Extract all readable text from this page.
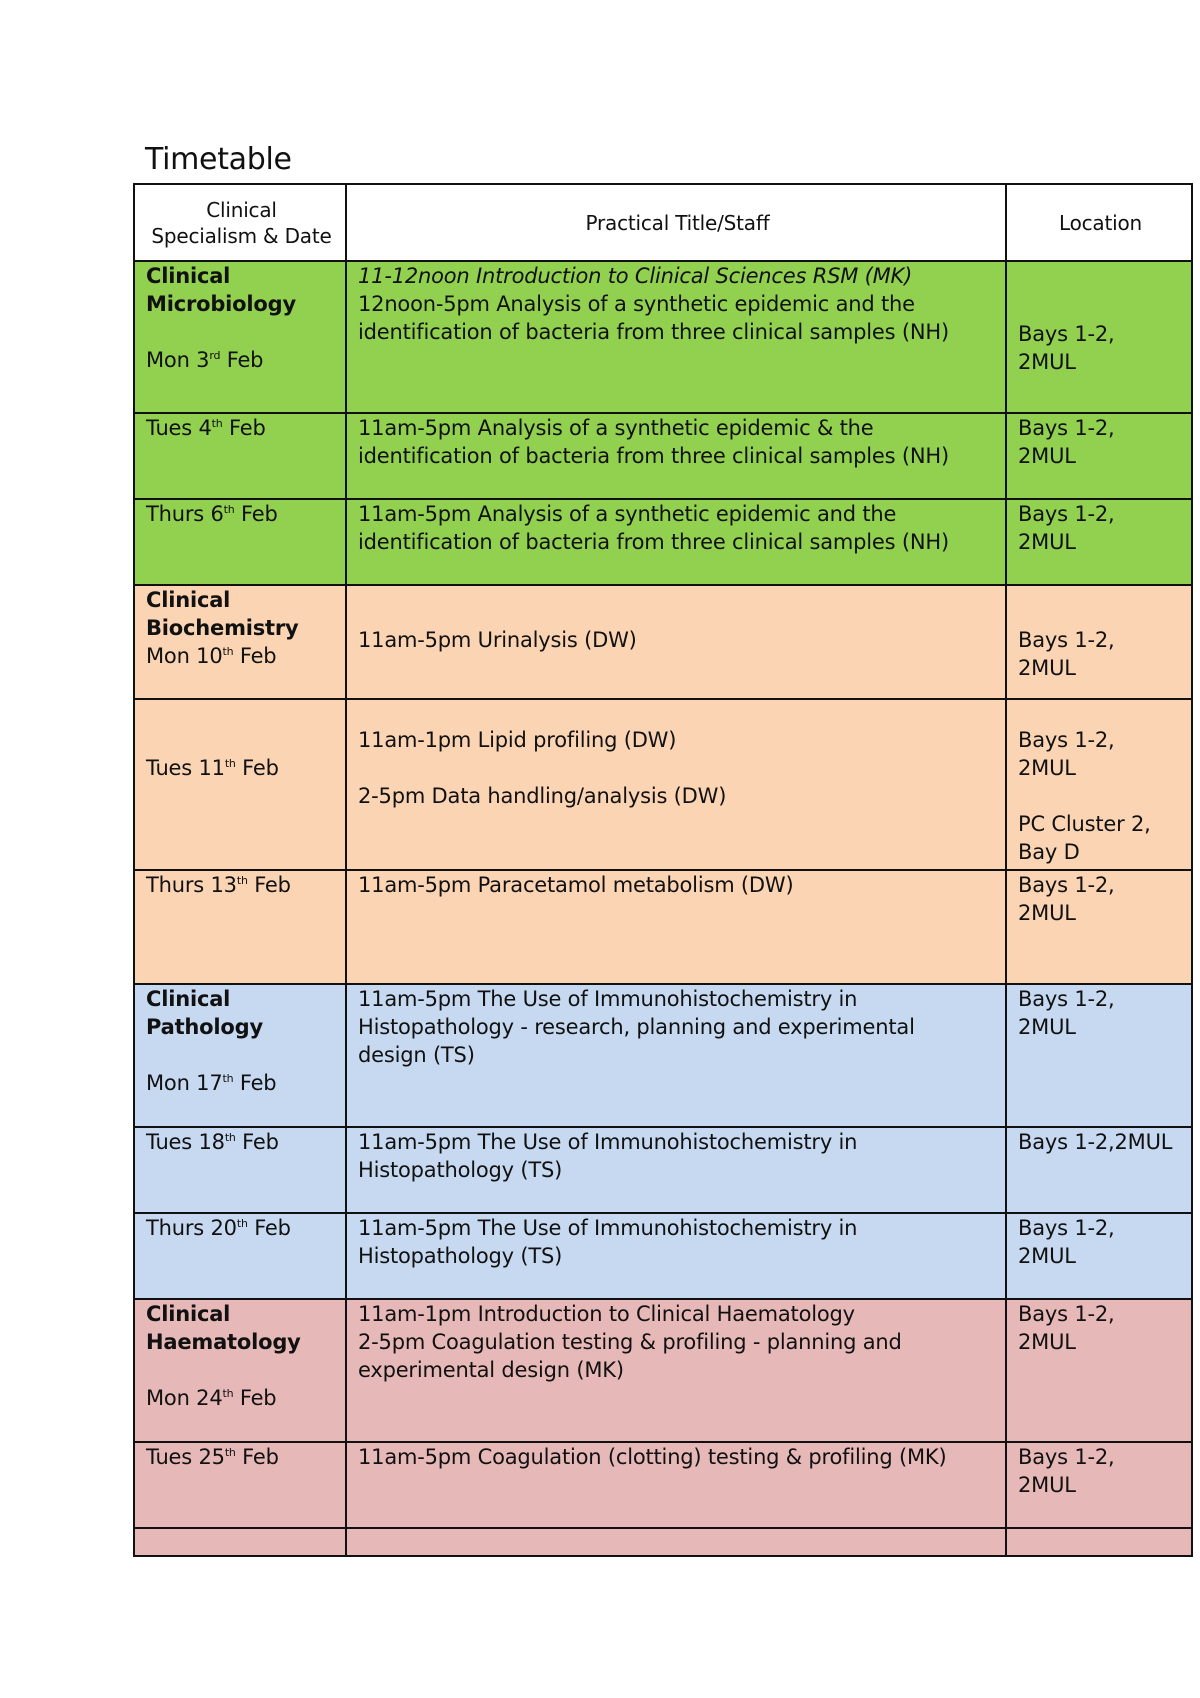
Timetable
Clinical
Specialism & Date	Practical Title/Staff	Location

Clinical
Microbiology
Mon 3rd Feb	11-12noon Introduction to Clinical Sciences RSM (MK)
12noon-5pm Analysis of a synthetic epidemic and the
identification of bacteria from three clinical samples (NH)	Bays 1-2,
2MUL

Tues 4th Feb	11am-5pm Analysis of a synthetic epidemic & the
identification of bacteria from three clinical samples (NH)	Bays 1-2,
2MUL

Thurs 6th Feb	11am-5pm Analysis of a synthetic epidemic and the
identification of bacteria from three clinical samples (NH)	Bays 1-2,
2MUL

Clinical
Biochemistry
Mon 10th Feb	11am-5pm Urinalysis (DW)	Bays 1-2,
2MUL

Tues 11th Feb	11am-1pm Lipid profiling (DW)
2-5pm Data handling/analysis (DW)	Bays 1-2,
2MUL
PC Cluster 2,
Bay D

Thurs 13th Feb	11am-5pm Paracetamol metabolism (DW)	Bays 1-2,
2MUL

Clinical
Pathology
Mon 17th Feb	11am-5pm The Use of Immunohistochemistry in
Histopathology - research, planning and experimental
design (TS)	Bays 1-2,
2MUL

Tues 18th Feb	11am-5pm The Use of Immunohistochemistry in
Histopathology (TS)	Bays 1-2,2MUL

Thurs 20th Feb	11am-5pm The Use of Immunohistochemistry in
Histopathology (TS)	Bays 1-2,
2MUL

Clinical
Haematology
Mon 24th Feb	11am-1pm Introduction to Clinical Haematology
2-5pm Coagulation testing & profiling - planning and
experimental design (MK)	Bays 1-2,
2MUL

Tues 25th Feb	11am-5pm Coagulation (clotting) testing & profiling (MK)	Bays 1-2,
2MUL
